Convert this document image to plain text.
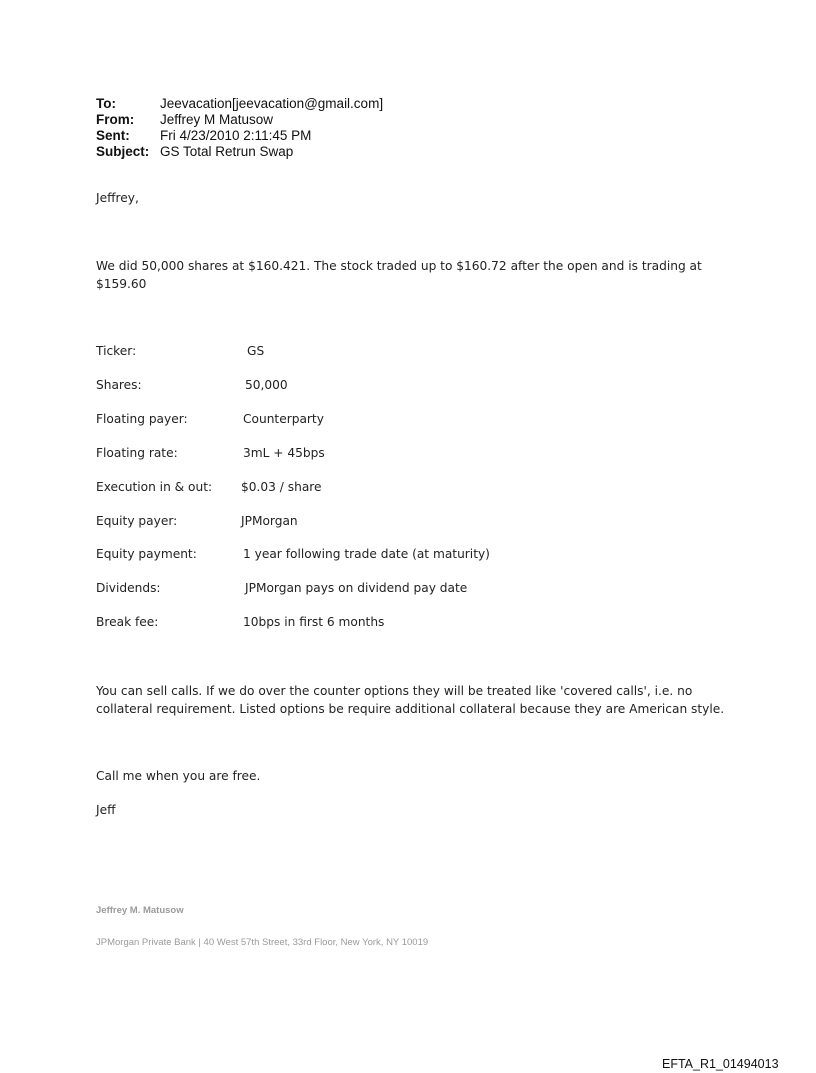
To:	Jeevacation[jeevacation@gmail.com]
From:	Jeffrey M Matusow
Sent:	Fri 4/23/2010 2:11:45 PM
Subject: GS Total Retrun Swap
Jeffrey,
We did 50,000 shares at $160.421. The stock traded up to $160.72 after the open and is trading at $159.60
Ticker:	GS
Shares:	50,000
Floating payer:	Counterparty
Floating rate:	3mL + 45bps
Execution in & out: $0.03 / share
Equity payer:	JPMorgan
Equity payment:	1 year following trade date (at maturity)
Dividends:	JPMorgan pays on dividend pay date
Break fee:	10bps in first 6 months
You can sell calls. If we do over the counter options they will be treated like 'covered calls', i.e. no collateral requirement. Listed options be require additional collateral because they are American style.
Call me when you are free.
Jeff
Jeffrey M. Matusow
JPMorgan Private Bank | 40 West 57th Street, 33rd Floor, New York, NY 10019
EFTA_R1_01494013
